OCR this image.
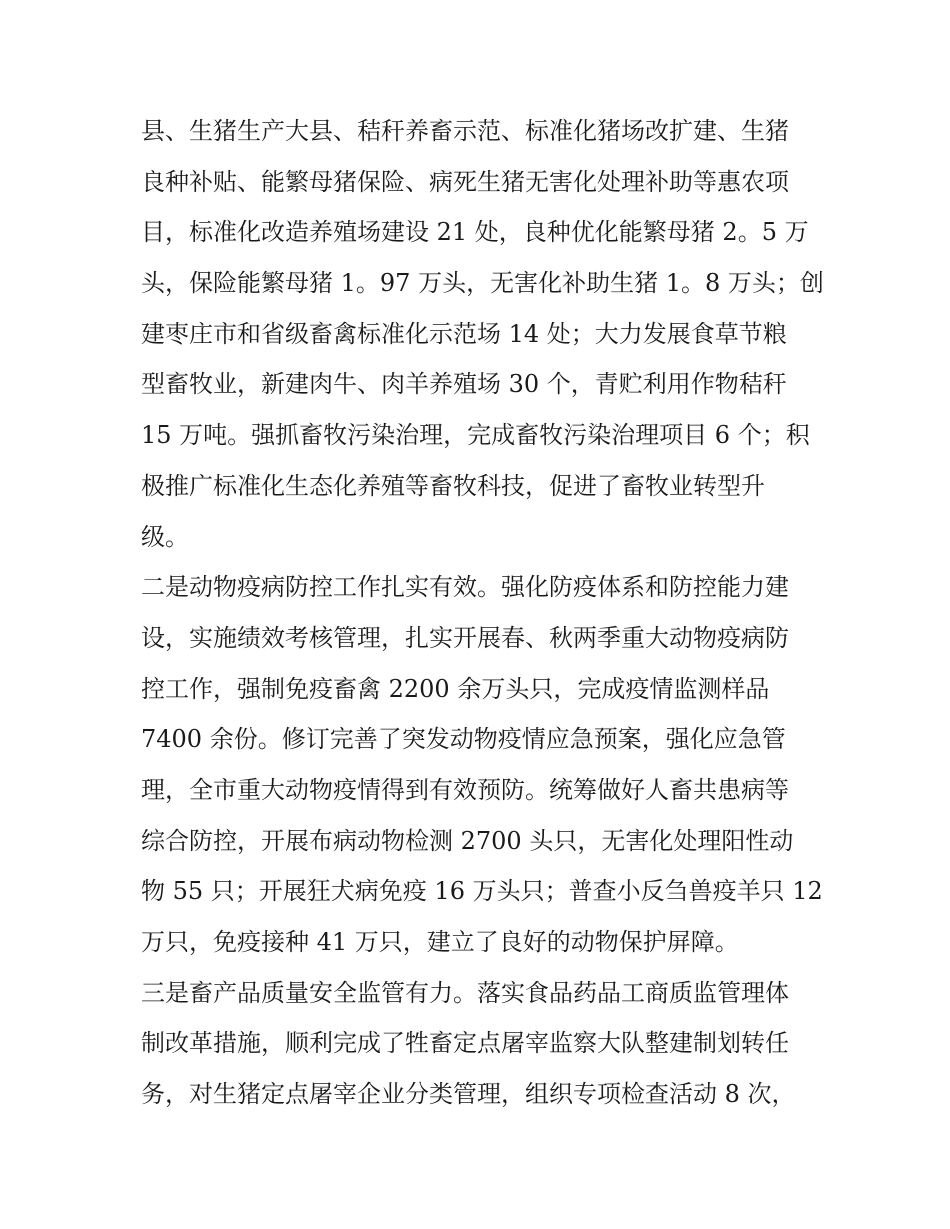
县、生猪生产大县、秸秆养畜示范、标准化猪场改扩建、生猪
良种补贴、能繁母猪保险、病死生猪无害化处理补助等惠农项
目，标准化改造养殖场建设 21 处，良种优化能繁母猪 2。5 万
头，保险能繁母猪 1。97 万头，无害化补助生猪 1。8 万头；创
建枣庄市和省级畜禽标准化示范场 14 处；大力发展食草节粮
型畜牧业，新建肉牛、肉羊养殖场 30 个，青贮利用作物秸秆
15 万吨。强抓畜牧污染治理，完成畜牧污染治理项目 6 个；积
极推广标准化生态化养殖等畜牧科技，促进了畜牧业转型升
级。
二是动物疫病防控工作扎实有效。强化防疫体系和防控能力建
设，实施绩效考核管理，扎实开展春、秋两季重大动物疫病防
控工作，强制免疫畜禽 2200 余万头只，完成疫情监测样品
7400 余份。修订完善了突发动物疫情应急预案，强化应急管
理，全市重大动物疫情得到有效预防。统筹做好人畜共患病等
综合防控，开展布病动物检测 2700 头只，无害化处理阳性动
物 55 只；开展狂犬病免疫 16 万头只；普查小反刍兽疫羊只 12
万只，免疫接种 41 万只，建立了良好的动物保护屏障。
三是畜产品质量安全监管有力。落实食品药品工商质监管理体
制改革措施，顺利完成了牲畜定点屠宰监察大队整建制划转任
务，对生猪定点屠宰企业分类管理，组织专项检查活动 8 次，
